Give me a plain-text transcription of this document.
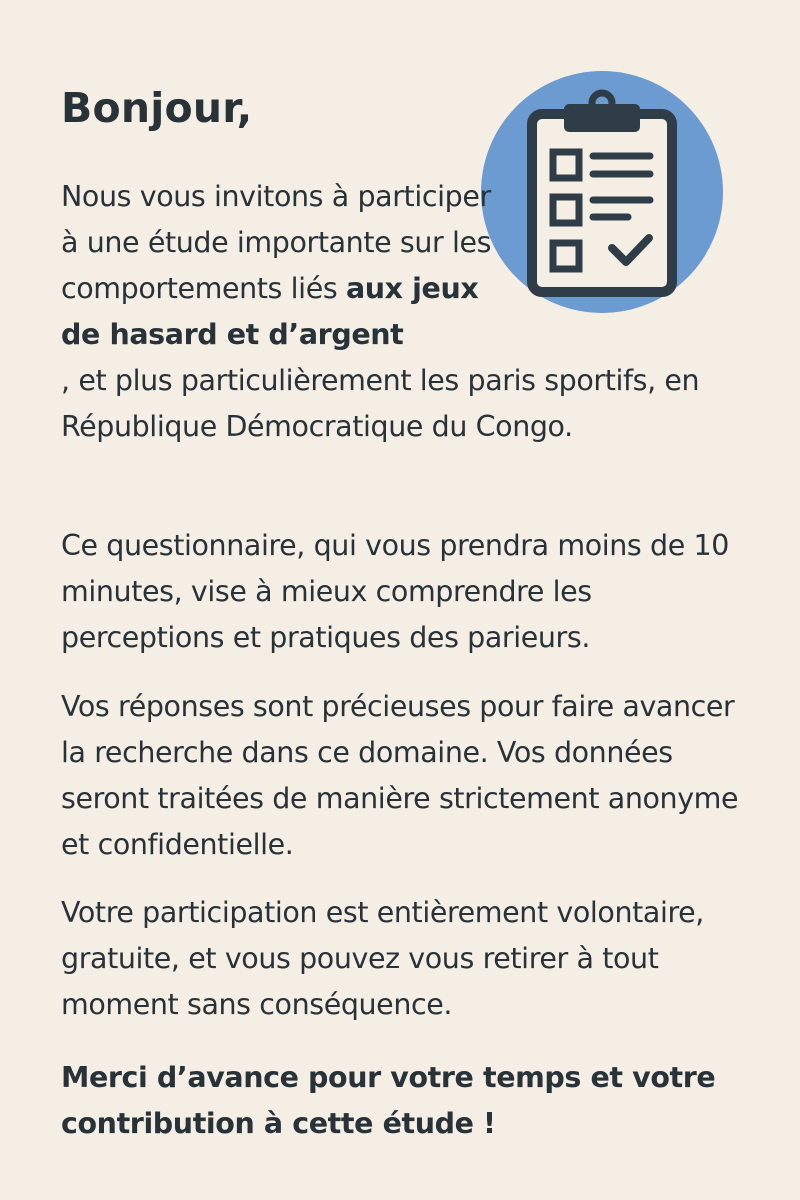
Bonjour,

Nous vous invitons à participer à une étude importante sur les comportements liés aux jeux de hasard et d’argent
, et plus particulièrement les paris sportifs, en République Démocratique du Congo.

Ce questionnaire, qui vous prendra moins de 10 minutes, vise à mieux comprendre les perceptions et pratiques des parieurs.

Vos réponses sont précieuses pour faire avancer la recherche dans ce domaine. Vos données seront traitées de manière strictement anonyme et confidentielle.

Votre participation est entièrement volontaire, gratuite, et vous pouvez vous retirer à tout moment sans conséquence.

Merci d’avance pour votre temps et votre contribution à cette étude !
